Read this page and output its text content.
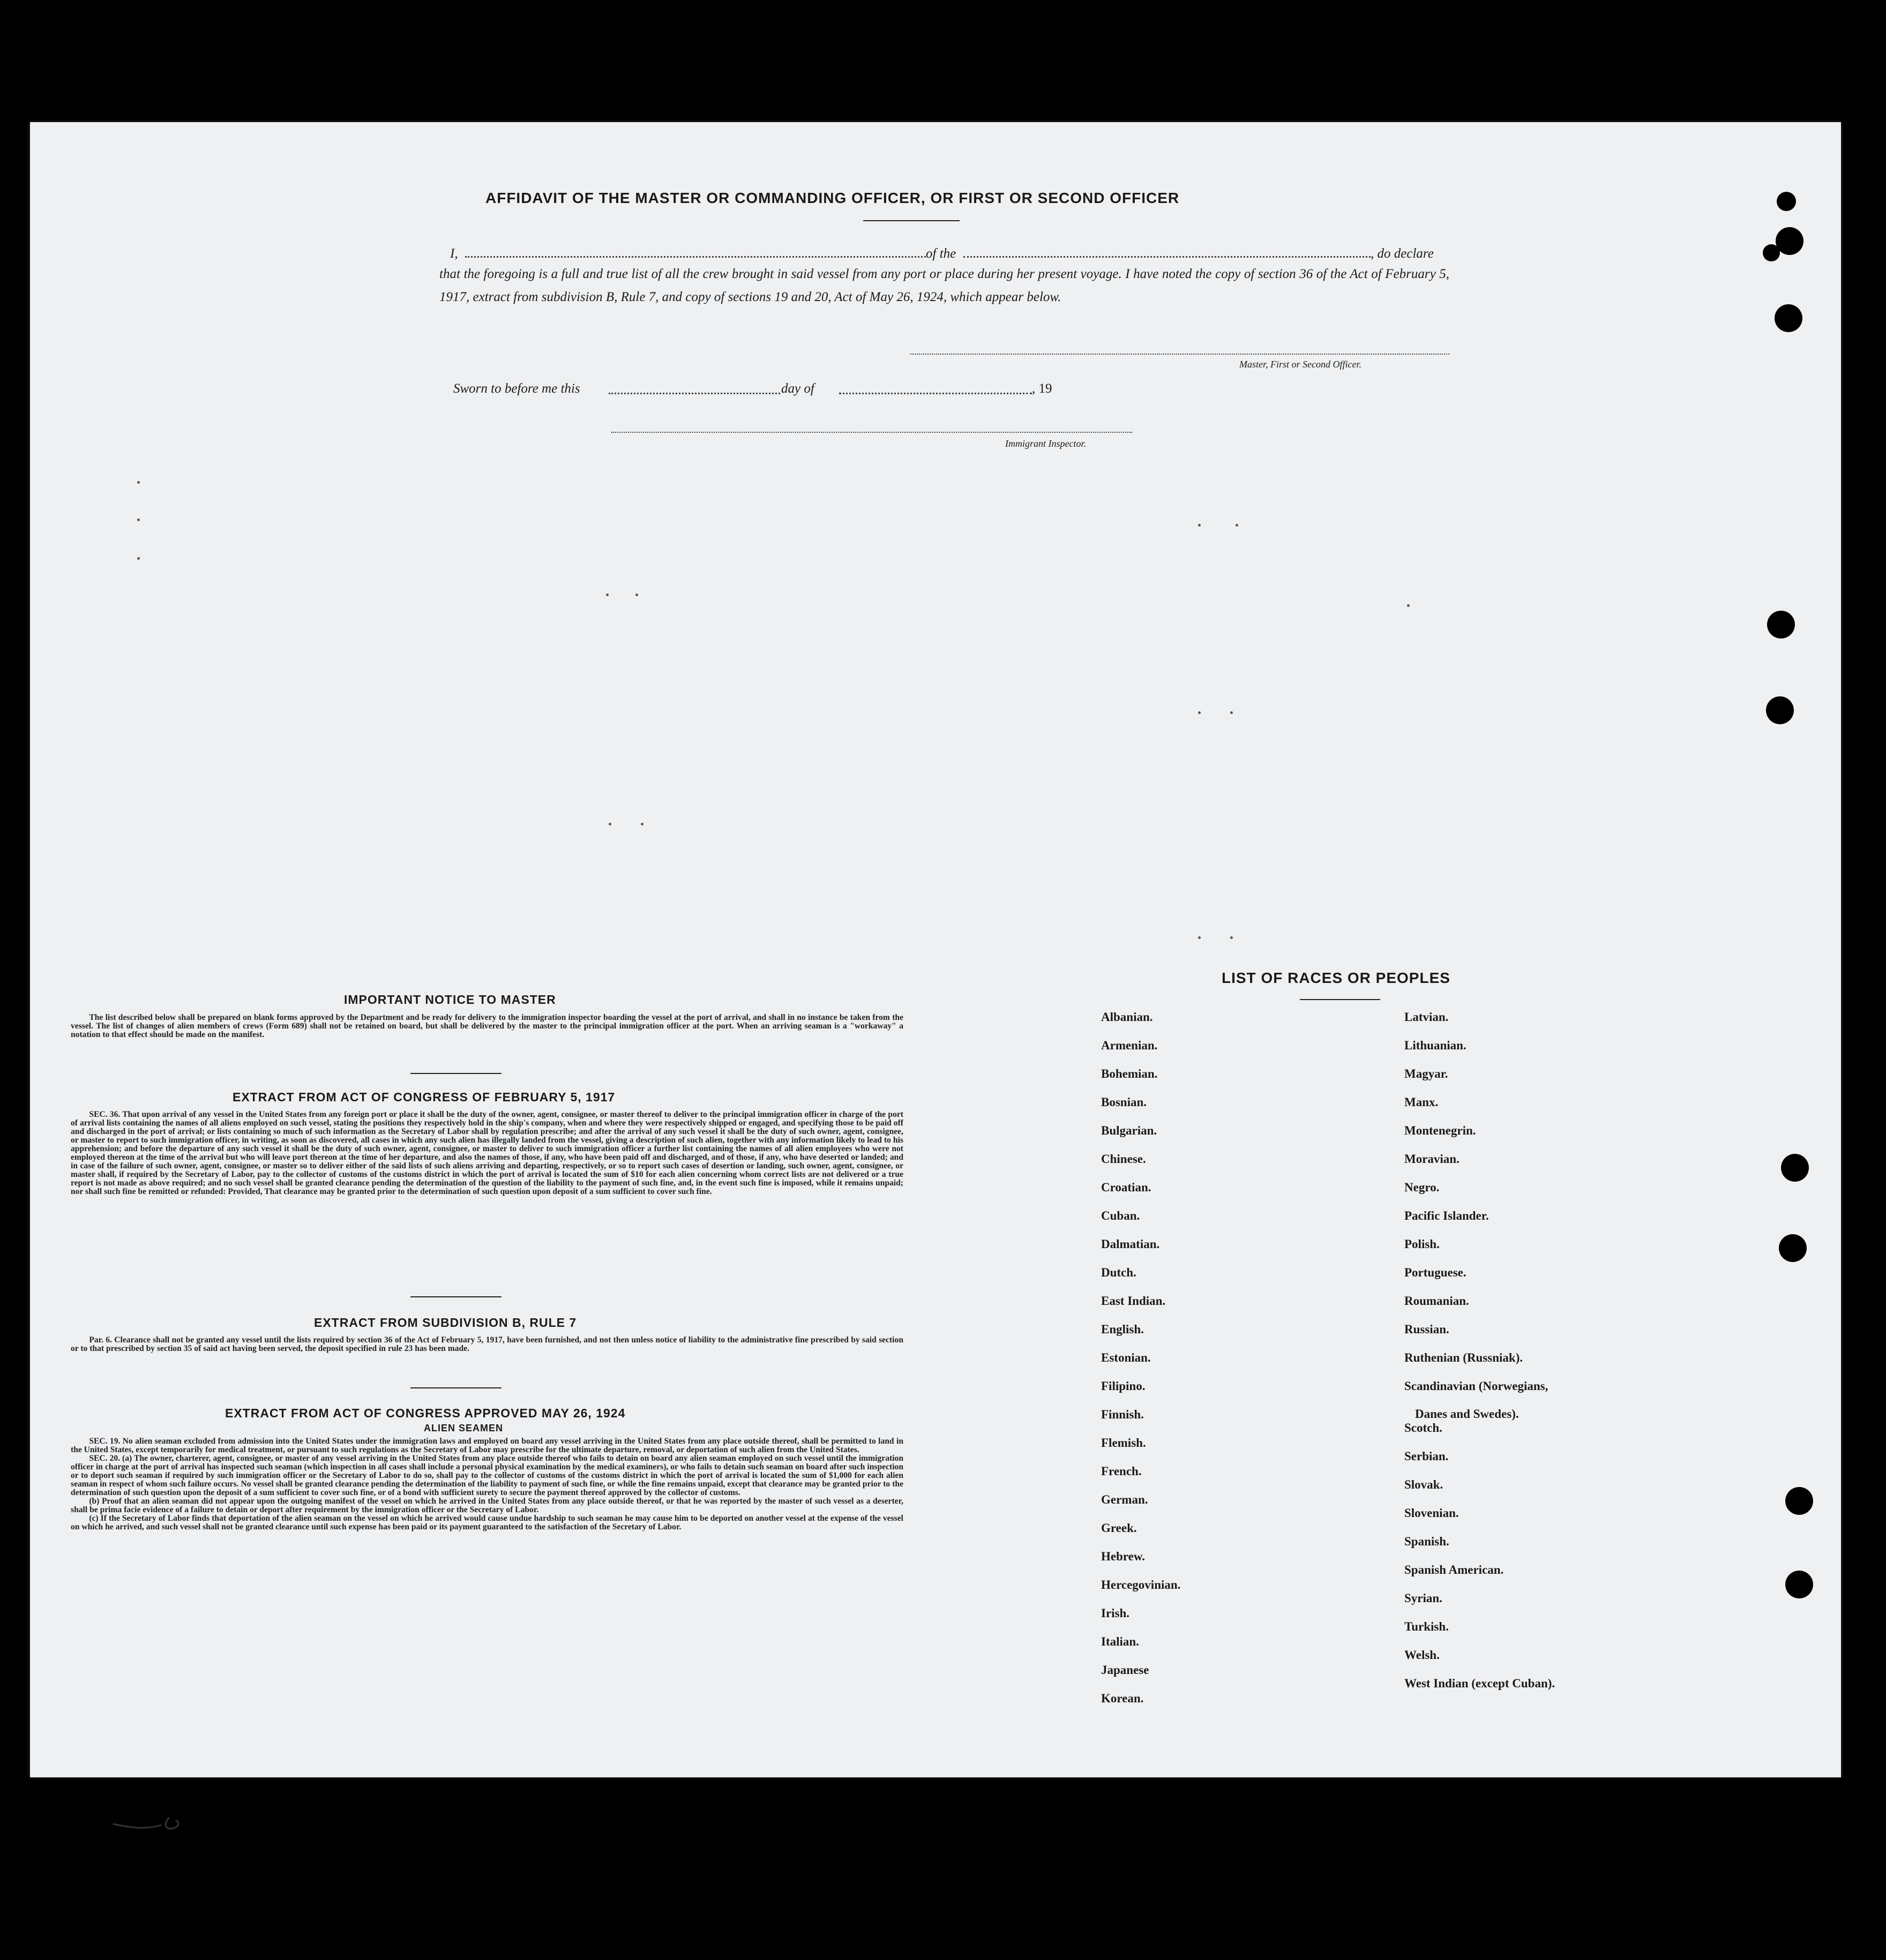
AFFIDAVIT OF THE MASTER OR COMMANDING OFFICER, OR FIRST OR SECOND OFFICER
I,	of the	, do declare
that the foregoing is a full and true list of all the crew brought in said vessel from any port or place during her present voyage. I have noted the copy of section 36 of the Act of February 5, 1917, extract from subdivision B, Rule 7, and copy of sections 19 and 20, Act of May 26, 1924, which appear below.
Master, First or Second Officer.
Sworn to before me this	day of	, 19
Immigrant Inspector.
IMPORTANT NOTICE TO MASTER

The list described below shall be prepared on blank forms approved by the Department and be ready for delivery to the immigration inspector boarding the vessel at the port of arrival, and shall in no instance be taken from the vessel. The list of changes of alien members of crews (Form 689) shall not be retained on board, but shall be delivered by the master to the principal immigration officer at the port. When an arriving seaman is a "workaway" a notation to that effect should be made on the manifest.

EXTRACT FROM ACT OF CONGRESS OF FEBRUARY 5, 1917

SEC. 36. That upon arrival of any vessel in the United States from any foreign port or place it shall be the duty of the owner, agent, consignee, or master thereof to deliver to the principal immigration officer in charge of the port of arrival lists containing the names of all aliens employed on such vessel, stating the positions they respectively hold in the ship's company, when and where they were respectively shipped or engaged, and specifying those to be paid off and discharged in the port of arrival; or lists containing so much of such information as the Secretary of Labor shall by regulation prescribe; and after the arrival of any such vessel it shall be the duty of such owner, agent, consignee, or master to report to such immigration officer, in writing, as soon as discovered, all cases in which any such alien has illegally landed from the vessel, giving a description of such alien, together with any information likely to lead to his apprehension; and before the departure of any such vessel it shall be the duty of such owner, agent, consignee, or master to deliver to such immigration officer a further list containing the names of all alien employees who were not employed thereon at the time of the arrival but who will leave port thereon at the time of her departure, and also the names of those, if any, who have been paid off and discharged, and of those, if any, who have deserted or landed; and in case of the failure of such owner, agent, consignee, or master so to deliver either of the said lists of such aliens arriving and departing, respectively, or so to report such cases of desertion or landing, such owner, agent, consignee, or master shall, if required by the Secretary of Labor, pay to the collector of customs of the customs district in which the port of arrival is located the sum of $10 for each alien concerning whom correct lists are not delivered or a true report is not made as above required; and no such vessel shall be granted clearance pending the determination of the question of the liability to the payment of such fine, and, in the event such fine is imposed, while it remains unpaid; nor shall such fine be remitted or refunded: Provided, That clearance may be granted prior to the determination of such question upon deposit of a sum sufficient to cover such fine.

EXTRACT FROM SUBDIVISION B, RULE 7

Par. 6. Clearance shall not be granted any vessel until the lists required by section 36 of the Act of February 5, 1917, have been furnished, and not then unless notice of liability to the administrative fine prescribed by said section or to that prescribed by section 35 of said act having been served, the deposit specified in rule 23 has been made.

EXTRACT FROM ACT OF CONGRESS APPROVED MAY 26, 1924
ALIEN SEAMEN

SEC. 19. No alien seaman excluded from admission into the United States under the immigration laws and employed on board any vessel arriving in the United States from any place outside thereof, shall be permitted to land in the United States, except temporarily for medical treatment, or pursuant to such regulations as the Secretary of Labor may prescribe for the ultimate departure, removal, or deportation of such alien from the United States.

SEC. 20. (a) The owner, charterer, agent, consignee, or master of any vessel arriving in the United States from any place outside thereof who fails to detain on board any alien seaman employed on such vessel until the immigration officer in charge at the port of arrival has inspected such seaman (which inspection in all cases shall include a personal physical examination by the medical examiners), or who fails to detain such seaman on board after such inspection or to deport such seaman if required by such immigration officer or the Secretary of Labor to do so, shall pay to the collector of customs of the customs district in which the port of arrival is located the sum of $1,000 for each alien seaman in respect of whom such failure occurs. No vessel shall be granted clearance pending the determination of the liability to payment of such fine, or while the fine remains unpaid, except that clearance may be granted prior to the determination of such question upon the deposit of a sum sufficient to cover such fine, or of a bond with sufficient surety to secure the payment thereof approved by the collector of customs.

(b) Proof that an alien seaman did not appear upon the outgoing manifest of the vessel on which he arrived in the United States from any place outside thereof, or that he was reported by the master of such vessel as a deserter, shall be prima facie evidence of a failure to detain or deport after requirement by the immigration officer or the Secretary of Labor.

(c) If the Secretary of Labor finds that deportation of the alien seaman on the vessel on which he arrived would cause undue hardship to such seaman he may cause him to be deported on another vessel at the expense of the vessel on which he arrived, and such vessel shall not be granted clearance until such expense has been paid or its payment guaranteed to the satisfaction of the Secretary of Labor.

LIST OF RACES OR PEOPLES
Albanian.
Armenian.
Bohemian.
Bosnian.
Bulgarian.
Chinese.
Croatian.
Cuban.
Dalmatian.
Dutch.
East Indian.
English.
Estonian.
Filipino.
Finnish.
Flemish.
French.
German.
Greek.
Hebrew.
Hercegovinian.
Irish.
Italian.
Japanese
Korean.
Latvian.
Lithuanian.
Magyar.
Manx.
Montenegrin.
Moravian.
Negro.
Pacific Islander.
Polish.
Portuguese.
Roumanian.
Russian.
Ruthenian (Russniak).
Scandinavian (Norwegians,
Danes and Swedes).
Scotch.
Serbian.
Slovak.
Slovenian.
Spanish.
Spanish American.
Syrian.
Turkish.
Welsh.
West Indian (except Cuban).
